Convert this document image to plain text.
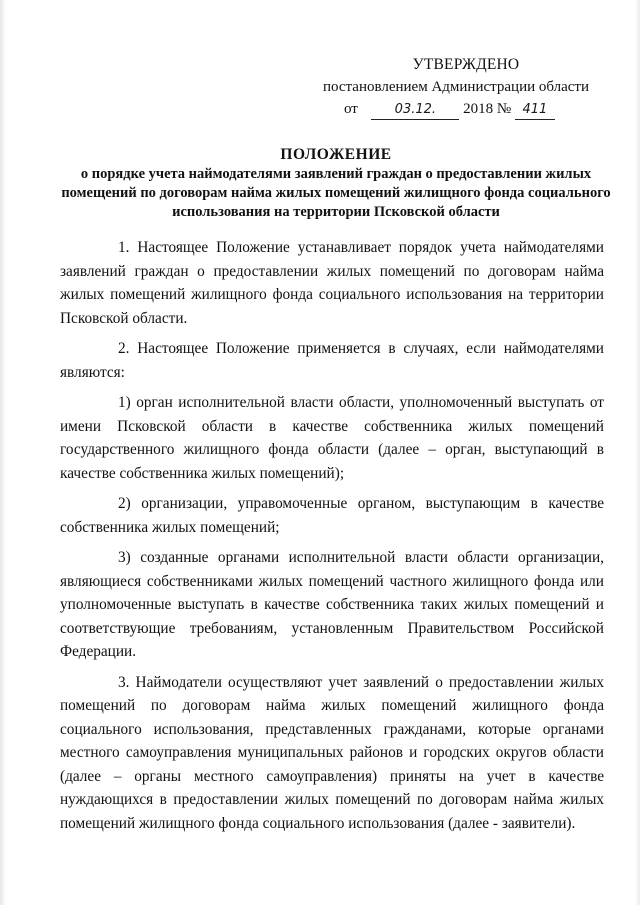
УТВЕРЖДЕНО
постановлением Администрации области
от	03.12. 2018 № 411
ПОЛОЖЕНИЕ
о порядке учета наймодателями заявлений граждан о предоставлении жилых помещений по договорам найма жилых помещений жилищного фонда социального использования на территории Псковской области

1. Настоящее Положение устанавливает порядок учета наймодателями заявлений граждан о предоставлении жилых помещений по договорам найма жилых помещений жилищного фонда социального использования на территории Псковской области.

2. Настоящее Положение применяется в случаях, если наймодателями являются:

1) орган исполнительной власти области, уполномоченный выступать от имени Псковской области в качестве собственника жилых помещений государственного жилищного фонда области (далее – орган, выступающий в качестве собственника жилых помещений);

2) организации, управомоченные органом, выступающим в качестве собственника жилых помещений;

3) созданные органами исполнительной власти области организации, являющиеся собственниками жилых помещений частного жилищного фонда или уполномоченные выступать в качестве собственника таких жилых помещений и соответствующие требованиям, установленным Правительством Российской Федерации.

3. Наймодатели осуществляют учет заявлений о предоставлении жилых помещений по договорам найма жилых помещений жилищного фонда социального использования, представленных гражданами, которые органами местного самоуправления муниципальных районов и городских округов области (далее – органы местного самоуправления) приняты на учет в качестве нуждающихся в предоставлении жилых помещений по договорам найма жилых помещений жилищного фонда социального использования (далее - заявители).
